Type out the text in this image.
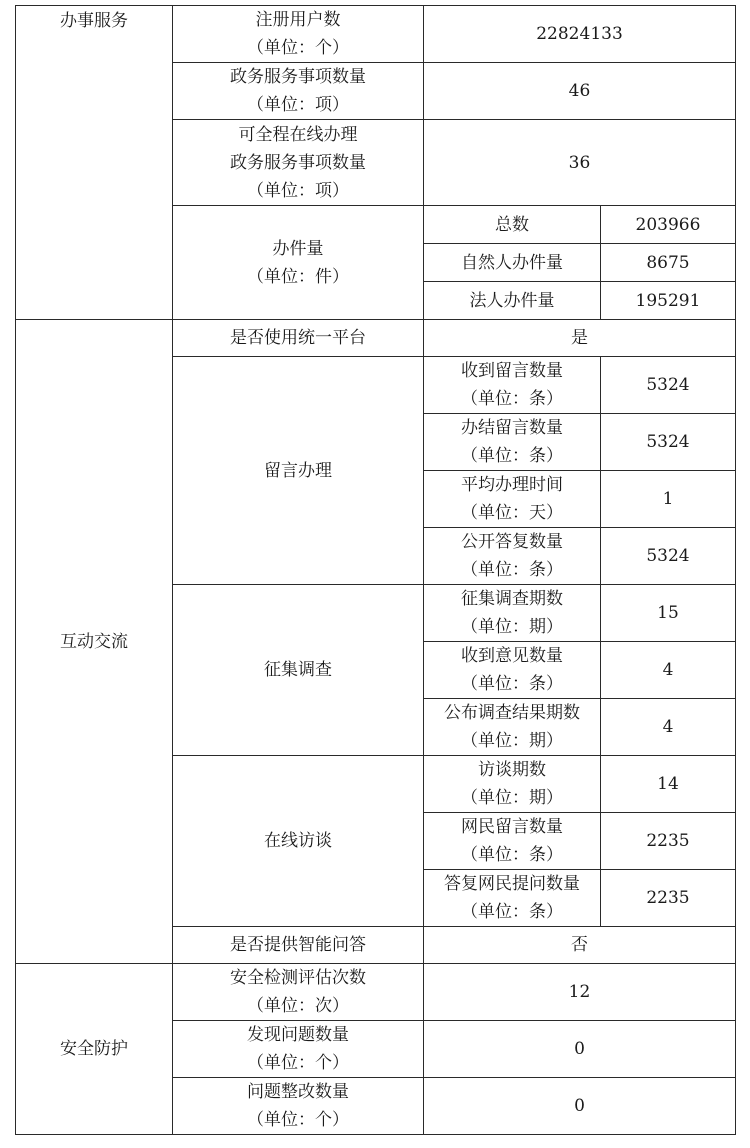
办事服务	注册用户数
（单位：个）	22824133	

	政务服务事项数量
（单位：项）	46	

	可全程在线办理
政务服务事项数量
（单位：项）	36	

	办件量
（单位：件）	总数	203966
		自然人办件量	8675
		法人办件量	195291
互动交流	是否使用统一平台	是	
	留言办理	收到留言数量
（单位：条）	5324

		办结留言数量
（单位：条）	5324

		平均办理时间
（单位：天）	1

		公开答复数量
（单位：条）	5324
	征集调查	征集调查期数
（单位：期）	15

		收到意见数量
（单位：条）	4

		公布调查结果期数
（单位：期）	4
	在线访谈	访谈期数
（单位：期）	14

		网民留言数量
（单位：条）	2235

		答复网民提问数量
（单位：条）	2235
	是否提供智能问答	否	
安全防护	安全检测评估次数
（单位：次）	12	

	发现问题数量
（单位：个）	0	

	问题整改数量
（单位：个）	0	
